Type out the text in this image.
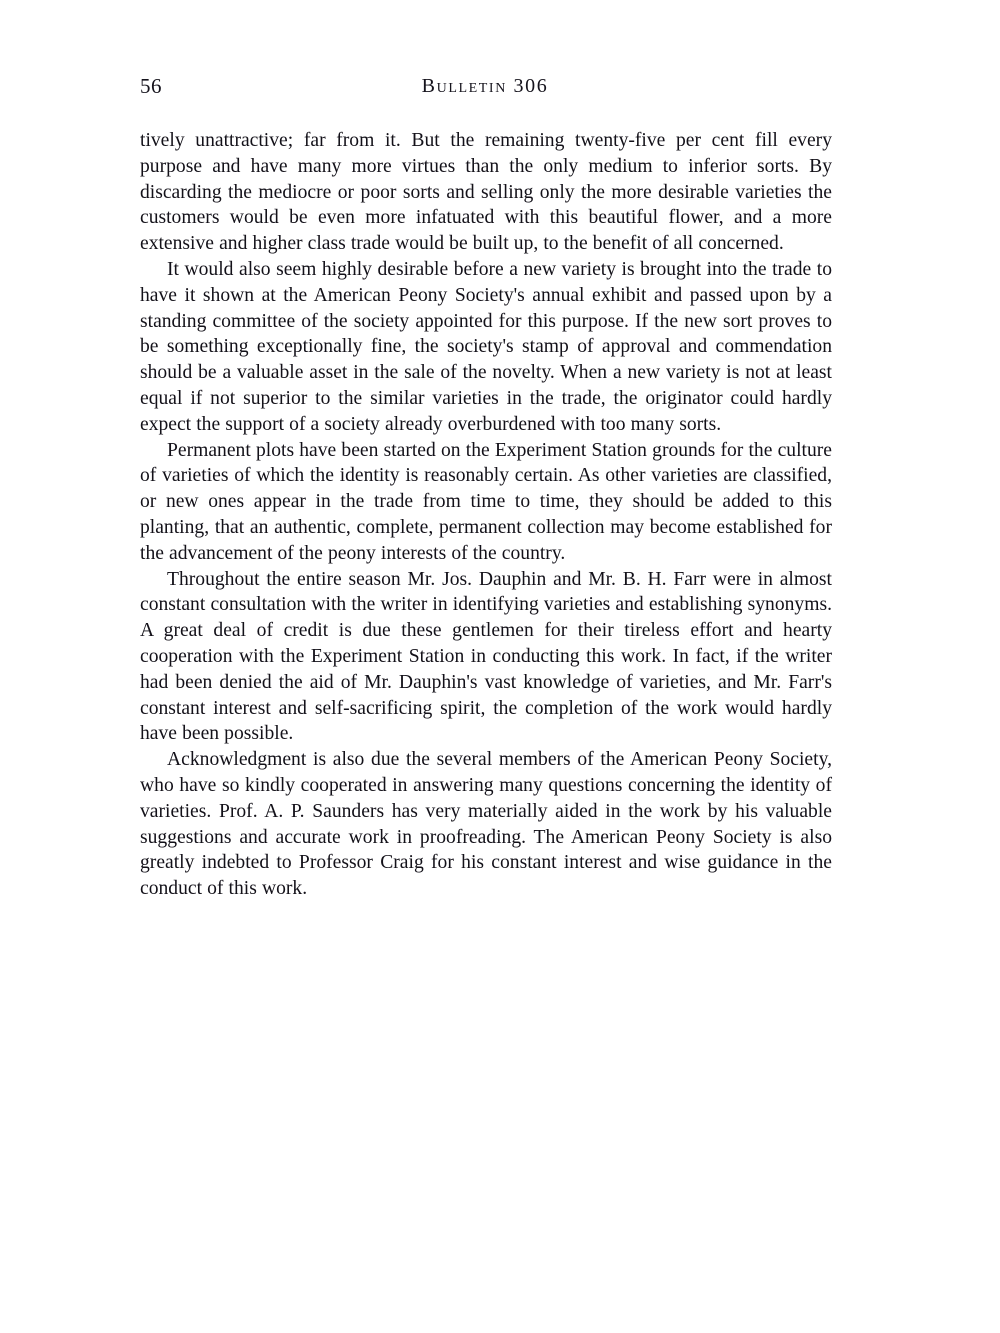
56	Bulletin 306

tively unattractive; far from it. But the remaining twenty-five per cent fill every purpose and have many more virtues than the only medium to inferior sorts. By discarding the mediocre or poor sorts and selling only the more desirable varieties the customers would be even more infatuated with this beautiful flower, and a more extensive and higher class trade would be built up, to the benefit of all concerned.

It would also seem highly desirable before a new variety is brought into the trade to have it shown at the American Peony Society's annual exhibit and passed upon by a standing committee of the society appointed for this purpose. If the new sort proves to be something exceptionally fine, the society's stamp of approval and commendation should be a valuable asset in the sale of the novelty. When a new variety is not at least equal if not superior to the similar varieties in the trade, the originator could hardly expect the support of a society already overburdened with too many sorts.

Permanent plots have been started on the Experiment Station grounds for the culture of varieties of which the identity is reasonably certain. As other varieties are classified, or new ones appear in the trade from time to time, they should be added to this planting, that an authentic, complete, permanent collection may become established for the advancement of the peony interests of the country.

Throughout the entire season Mr. Jos. Dauphin and Mr. B. H. Farr were in almost constant consultation with the writer in identifying varieties and establishing synonyms. A great deal of credit is due these gentlemen for their tireless effort and hearty cooperation with the Experiment Station in conducting this work. In fact, if the writer had been denied the aid of Mr. Dauphin's vast knowledge of varieties, and Mr. Farr's constant interest and self-sacrificing spirit, the completion of the work would hardly have been possible.

Acknowledgment is also due the several members of the American Peony Society, who have so kindly cooperated in answering many questions concerning the identity of varieties. Prof. A. P. Saunders has very materially aided in the work by his valuable suggestions and accurate work in proofreading. The American Peony Society is also greatly indebted to Professor Craig for his constant interest and wise guidance in the conduct of this work.
